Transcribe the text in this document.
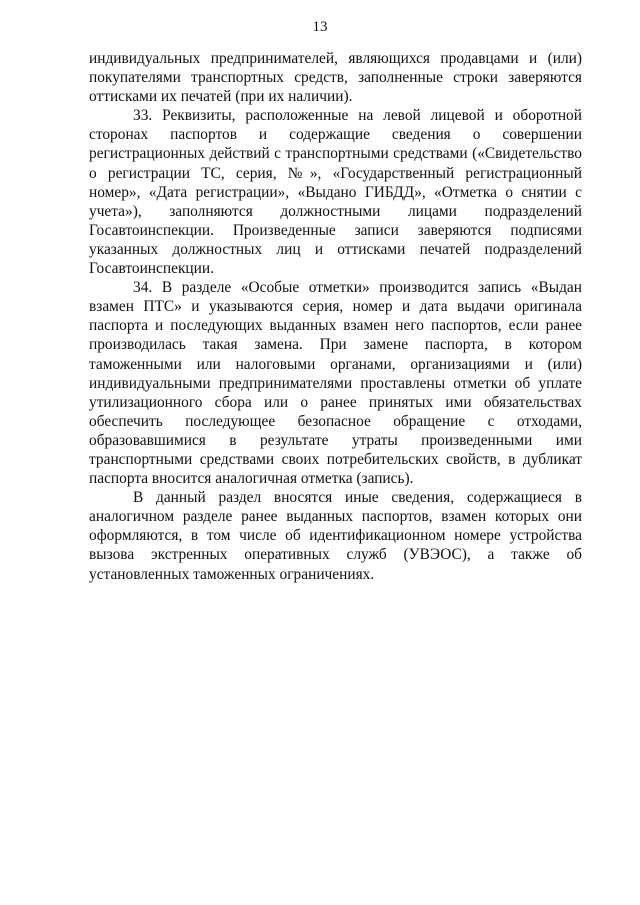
13

индивидуальных предпринимателей, являющихся продавцами и (или) покупателями транспортных средств, заполненные строки заверяются оттисками их печатей (при их наличии).

33. Реквизиты, расположенные на левой лицевой и оборотной сторонах паспортов и содержащие сведения о совершении регистрационных действий с транспортными средствами («Свидетельство о регистрации ТС, серия, №», «Государственный регистрационный номер», «Дата регистрации», «Выдано ГИБДД», «Отметка о снятии с учета»), заполняются должностными лицами подразделений Госавтоинспекции. Произведенные записи заверяются подписями указанных должностных лиц и оттисками печатей подразделений Госавтоинспекции.

34. В разделе «Особые отметки» производится запись «Выдан взамен ПТС» и указываются серия, номер и дата выдачи оригинала паспорта и последующих выданных взамен него паспортов, если ранее производилась такая замена. При замене паспорта, в котором таможенными или налоговыми органами, организациями и (или) индивидуальными предпринимателями проставлены отметки об уплате утилизационного сбора или о ранее принятых ими обязательствах обеспечить последующее безопасное обращение с отходами, образовавшимися в результате утраты произведенными ими транспортными средствами своих потребительских свойств, в дубликат паспорта вносится аналогичная отметка (запись).

В данный раздел вносятся иные сведения, содержащиеся в аналогичном разделе ранее выданных паспортов, взамен которых они оформляются, в том числе об идентификационном номере устройства вызова экстренных оперативных служб (УВЭОС), а также об установленных таможенных ограничениях.
